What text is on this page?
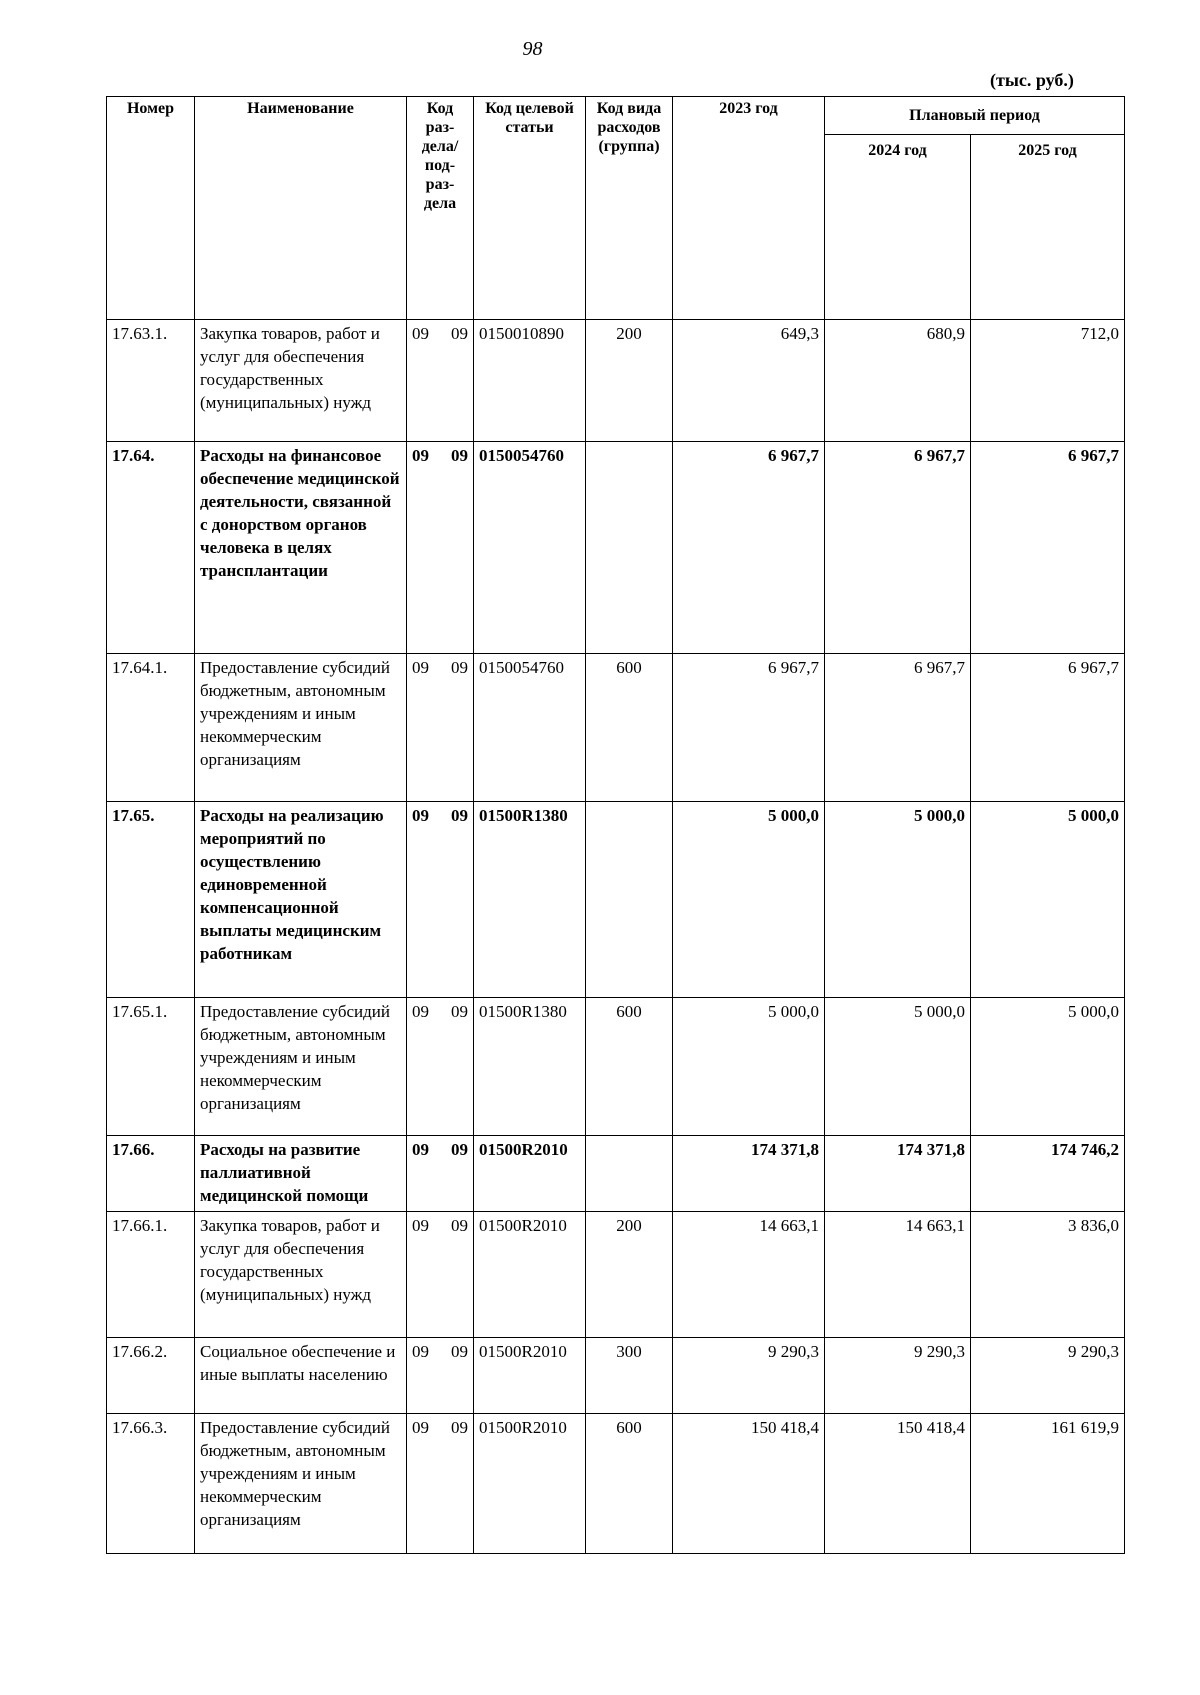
98
(тыс. руб.)
Номер	Наименование	Код раз-дела/ под-раз-дела	Код целевой статьи	Код вида расходов (группа)	2023 год	Плановый период	
						2024 год	2025 год
17.63.1.	Закупка товаров, работ и услуг для обеспечения государственных (муниципальных) нужд	09 09	0150010890	200	649,3	680,9	712,0
17.64.	Расходы на финансовое обеспечение медицинской деятельности, связанной с донорством органов человека в целях трансплантации	09 09	0150054760		6 967,7	6 967,7	6 967,7
17.64.1.	Предоставление субсидий бюджетным, автономным учреждениям и иным некоммерческим организациям	09 09	0150054760	600	6 967,7	6 967,7	6 967,7
17.65.	Расходы на реализацию мероприятий по осуществлению единовременной компенсационной выплаты медицинским работникам	09 09	01500R1380		5 000,0	5 000,0	5 000,0
17.65.1.	Предоставление субсидий бюджетным, автономным учреждениям и иным некоммерческим организациям	09 09	01500R1380	600	5 000,0	5 000,0	5 000,0
17.66.	Расходы на развитие паллиативной медицинской помощи	09 09	01500R2010		174 371,8	174 371,8	174 746,2
17.66.1.	Закупка товаров, работ и услуг для обеспечения государственных (муниципальных) нужд	09 09	01500R2010	200	14 663,1	14 663,1	3 836,0
17.66.2.	Социальное обеспечение и иные выплаты населению	09 09	01500R2010	300	9 290,3	9 290,3	9 290,3
17.66.3.	Предоставление субсидий бюджетным, автономным учреждениям и иным некоммерческим организациям	09 09	01500R2010	600	150 418,4	150 418,4	161 619,9
